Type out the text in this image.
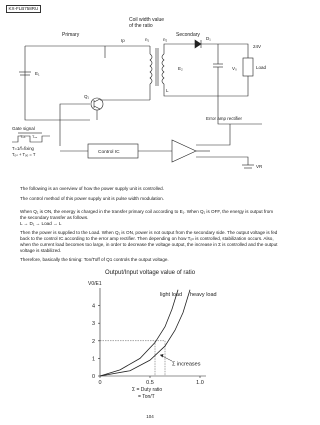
KX-FLB758RU
Primary
Coil width value
of the ratio
Secondary
Ip	n₁	n₂	D₁
24V
Load
V₀
E₂
E₁
Q₁
L
Gate signal
Tₒₙ Tₒₒ
T=1/f=fixing
Tₒₙ + Tₒₒ = T	Control IC
Error amp rectifier
VR
The following is an overview of how the power supply unit is controlled.
The control method of this power supply unit is pulse width modulation.
When Q₁ is ON, the energy is charged in the transfer primary coil according to E₁. When Q₁ is OFF, the energy is output from
the secondary transfer as follows.
L → D₁ → Load → L
Then the power is supplied to the Load. When Q₁ is ON, power is not output from the secondary side. The output voltage is fed
back to the control IC according to the error amp rectifier. Then depending on how Tₒₙ is controlled, stabilization occurs. Also,
when the current load becomes too large, in order to decrease the voltage output, the increase in Σ is controlled and the output
voltage is stabilized.
Therefore, basically the timing: Ton/Toff of Q1 controls the output voltage.
Output/Input voltage value of ratio
V0/E1
0
1
2
3
4
0	0.5	1.0
light load heavy load
Σ increases
Σ = Duty ratio
= Ton/T
104
